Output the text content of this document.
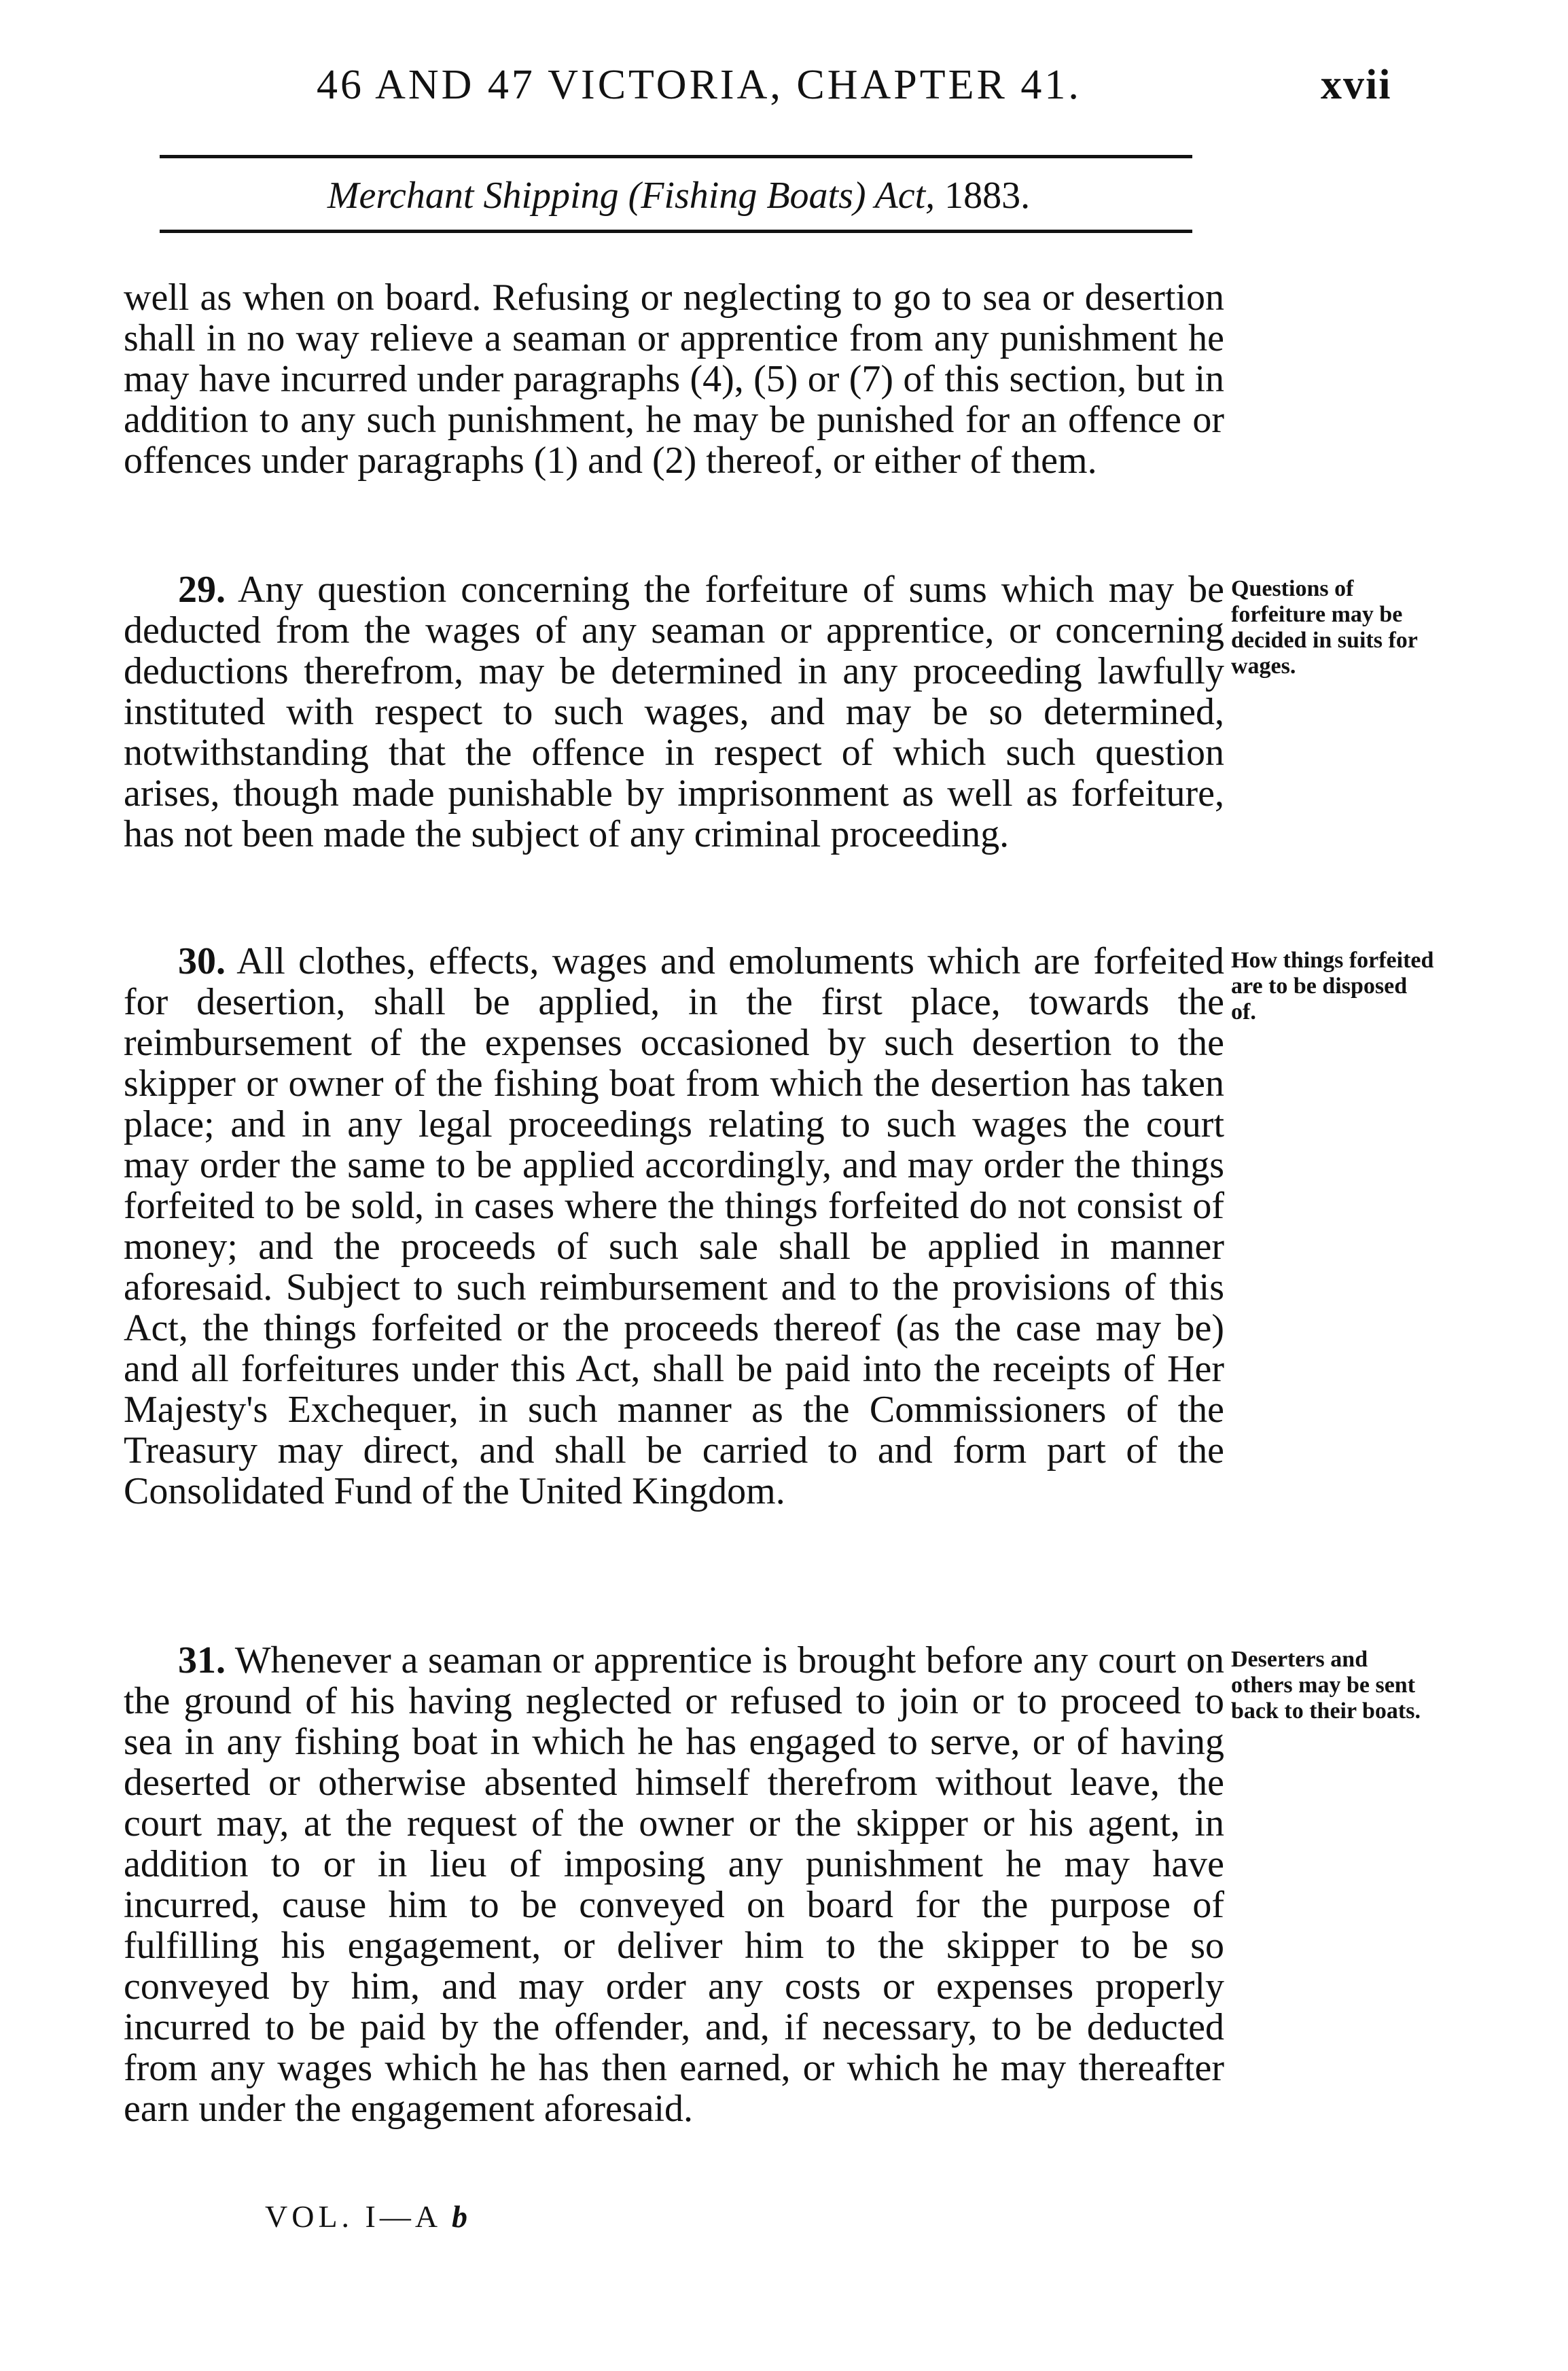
46 AND 47 VICTORIA, CHAPTER 41.	xvii
Merchant Shipping (Fishing Boats) Act, 1883.

well as when on board. Refusing or neglecting to go to sea or desertion shall in no way relieve a seaman or apprentice from any punishment he may have incurred under paragraphs (4), (5) or (7) of this section, but in addition to any such punishment, he may be punished for an offence or offences under paragraphs (1) and (2) thereof, or either of them.

29. Any question concerning the forfeiture of sums which may be deducted from the wages of any seaman or apprentice, or concerning deductions therefrom, may be determined in any proceeding lawfully instituted with respect to such wages, and may be so determined, notwithstanding that the offence in respect of which such question arises, though made punishable by imprisonment as well as forfeiture, has not been made the subject of any criminal proceeding.

Questions of forfeiture may be decided in suits for wages.

30. All clothes, effects, wages and emoluments which are forfeited for desertion, shall be applied, in the first place, towards the reimbursement of the expenses occasioned by such desertion to the skipper or owner of the fishing boat from which the desertion has taken place; and in any legal proceedings relating to such wages the court may order the same to be applied accordingly, and may order the things forfeited to be sold, in cases where the things forfeited do not consist of money; and the proceeds of such sale shall be applied in manner aforesaid. Subject to such reimbursement and to the provisions of this Act, the things forfeited or the proceeds thereof (as the case may be) and all forfeitures under this Act, shall be paid into the receipts of Her Majesty's Exchequer, in such manner as the Commissioners of the Treasury may direct, and shall be carried to and form part of the Consolidated Fund of the United Kingdom.

How things forfeited are to be disposed of.

31. Whenever a seaman or apprentice is brought before any court on the ground of his having neglected or refused to join or to proceed to sea in any fishing boat in which he has engaged to serve, or of having deserted or otherwise absented himself therefrom without leave, the court may, at the request of the owner or the skipper or his agent, in addition to or in lieu of imposing any punishment he may have incurred, cause him to be conveyed on board for the purpose of fulfilling his engagement, or deliver him to the skipper to be so conveyed by him, and may order any costs or expenses properly incurred to be paid by the offender, and, if necessary, to be deducted from any wages which he has then earned, or which he may thereafter earn under the engagement aforesaid.

Deserters and others may be sent back to their boats.
VOL. I—A b
